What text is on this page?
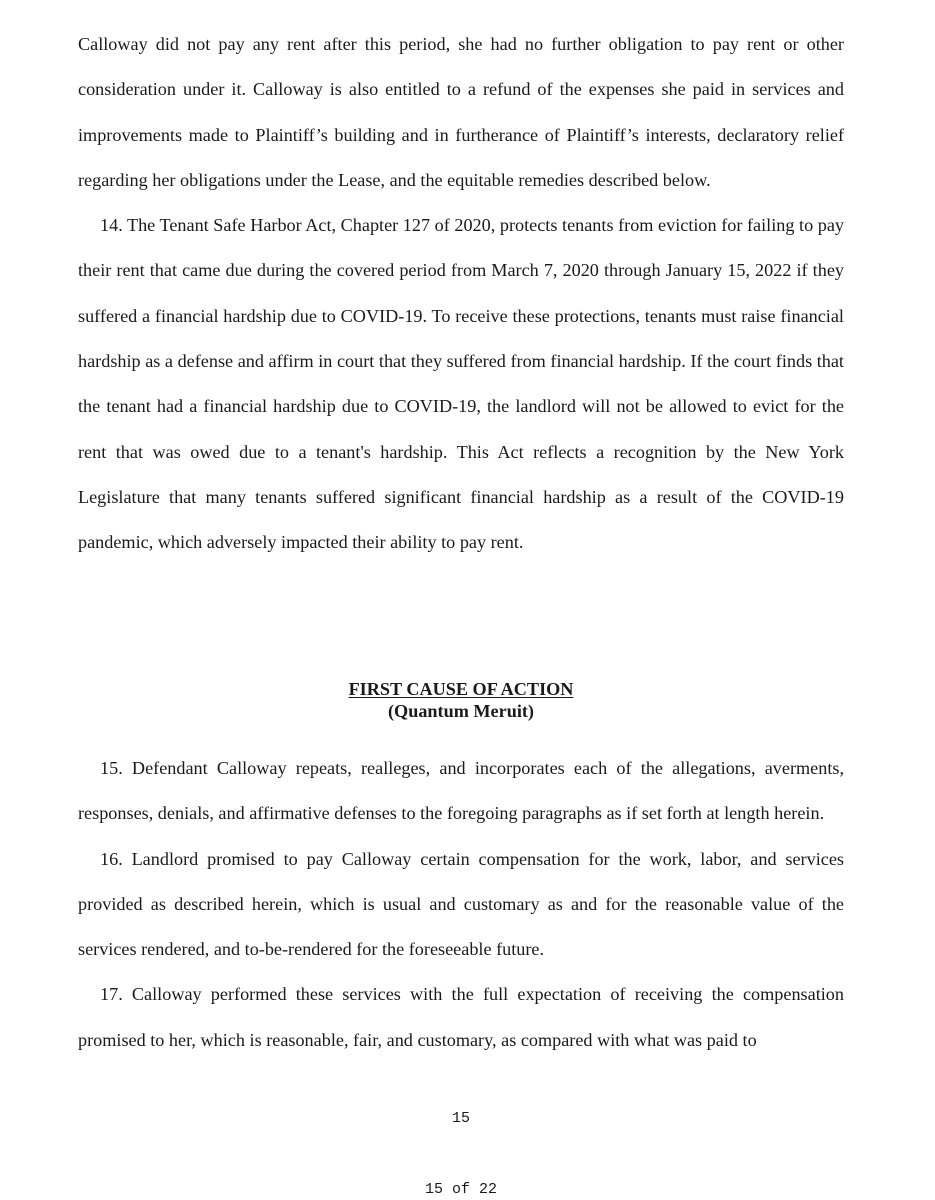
Calloway did not pay any rent after this period, she had no further obligation to pay rent or other consideration under it. Calloway is also entitled to a refund of the expenses she paid in services and improvements made to Plaintiff’s building and in furtherance of Plaintiff’s interests, declaratory relief regarding her obligations under the Lease, and the equitable remedies described below.

14. The Tenant Safe Harbor Act, Chapter 127 of 2020, protects tenants from eviction for failing to pay their rent that came due during the covered period from March 7, 2020 through January 15, 2022 if they suffered a financial hardship due to COVID-19. To receive these protections, tenants must raise financial hardship as a defense and affirm in court that they suffered from financial hardship. If the court finds that the tenant had a financial hardship due to COVID-19, the landlord will not be allowed to evict for the rent that was owed due to a tenant's hardship. This Act reflects a recognition by the New York Legislature that many tenants suffered significant financial hardship as a result of the COVID-19 pandemic, which adversely impacted their ability to pay rent.

FIRST CAUSE OF ACTION
(Quantum Meruit)

15. Defendant Calloway repeats, realleges, and incorporates each of the allegations, averments, responses, denials, and affirmative defenses to the foregoing paragraphs as if set forth at length herein.

16. Landlord promised to pay Calloway certain compensation for the work, labor, and services provided as described herein, which is usual and customary as and for the reasonable value of the services rendered, and to-be-rendered for the foreseeable future.

17. Calloway performed these services with the full expectation of receiving the compensation promised to her, which is reasonable, fair, and customary, as compared with what was paid to

15
15 of 22
